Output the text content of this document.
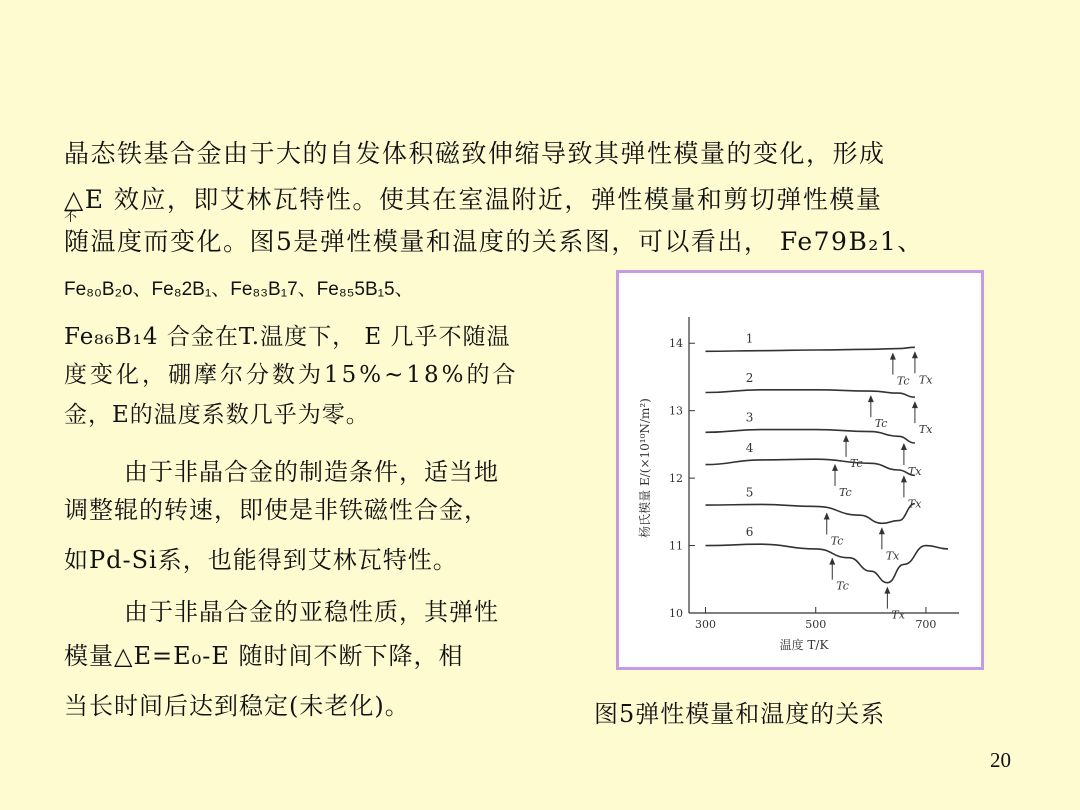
晶态铁基合金由于大的自发体积磁致伸缩导致其弹性模量的变化，形成

△E 效应，即艾林瓦特性。使其在室温附近，弹性模量和剪切弹性模量

不

随温度而变化。图5是弹性模量和温度的关系图，可以看出， Fe79B₂1、

Fe₈₀B₂o、Fe₈2B₁、Fe₈₃B₁7、Fe₈₅5B₁5、

Fe₈₆B₁4 合金在T.温度下， E 几乎不随温

度变化，硼摩尔分数为15%~18%的合

金，E的温度系数几乎为零。

由于非晶合金的制造条件，适当地

调整辊的转速，即使是非铁磁性合金，

如Pd-Si系，也能得到艾林瓦特性。

由于非晶合金的亚稳性质，其弹性

模量△E=E₀-E 随时间不断下降，相

当长时间后达到稳定(未老化)。

10
11
12
13
14
300	500	700
温度 T/K
杨氏模量 E/(×10¹⁰N/m²)
1
2
3
4
5
6
Tc Tx
Tc	Tx
Tc
Tx
Tc
Tx
Tc
Tx
Tc
Tx

图5弹性模量和温度的关系

20
